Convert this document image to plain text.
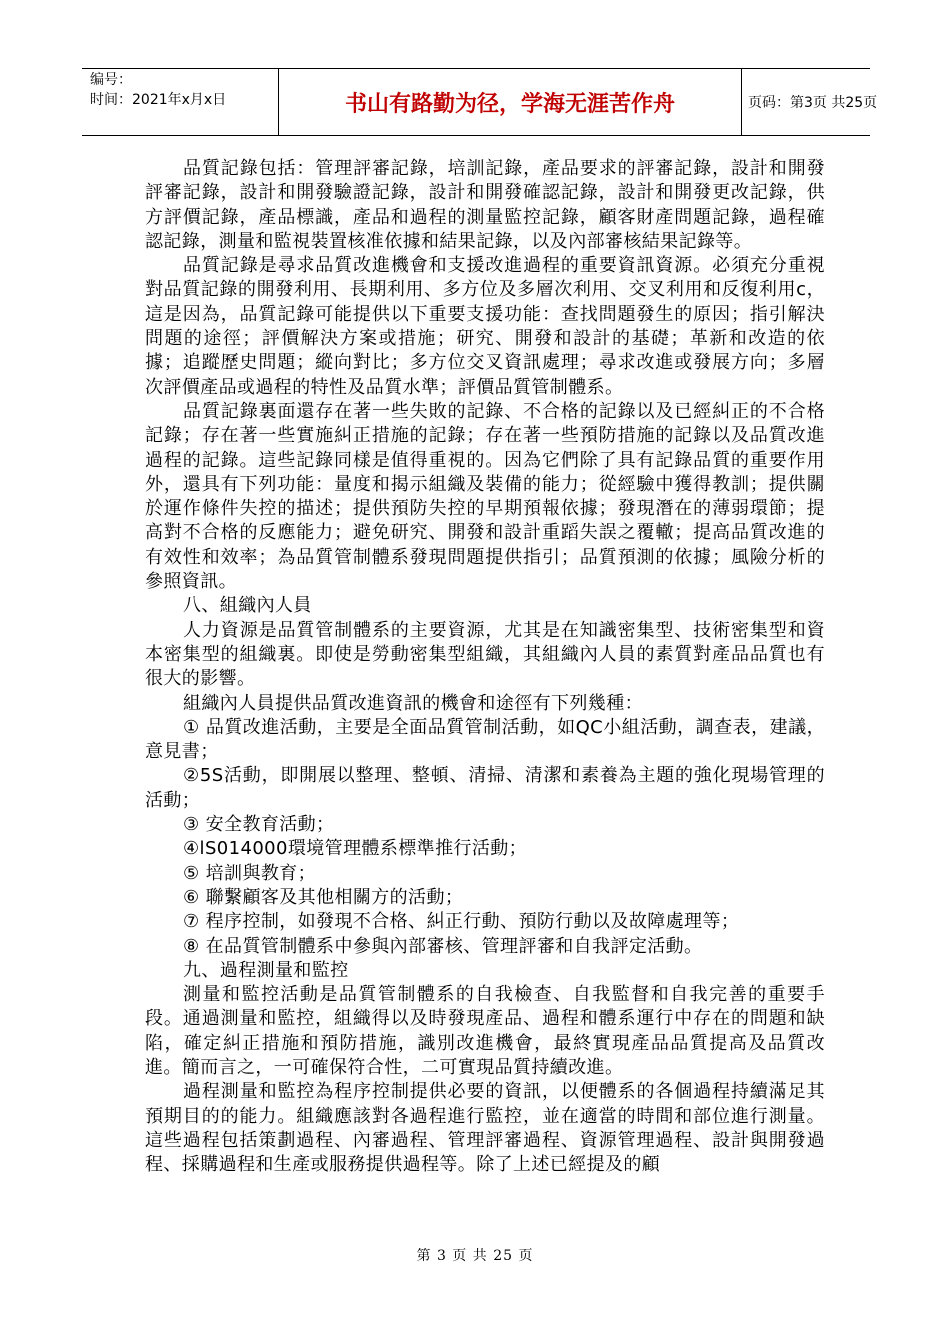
编号：
时间：2021年x月x日	书山有路勤为径，学海无涯苦作舟	页码：第3页 共25页

品質記錄包括：管理評審記錄，培訓記錄，產品要求的評審記錄，設計和開發評審記錄，設計和開發驗證記錄，設計和開發確認記錄，設計和開發更改記錄，供方評價記錄，產品標識，產品和過程的測量監控記錄，顧客財產問題記錄，過程確認記錄，測量和監視裝置核准依據和結果記錄，以及內部審核結果記錄等。

品質記錄是尋求品質改進機會和支援改進過程的重要資訊資源。必須充分重視對品質記錄的開發利用、長期利用、多方位及多層次利用、交叉利用和反復利用c，這是因為，品質記錄可能提供以下重要支援功能：查找問題發生的原因；指引解決問題的途徑；評價解決方案或措施；研究、開發和設計的基礎；革新和改造的依據；追蹤歷史問題；縱向對比；多方位交叉資訊處理；尋求改進或發展方向；多層次評價產品或過程的特性及品質水準；評價品質管制體系。

品質記錄裏面還存在著一些失敗的記錄、不合格的記錄以及已經糾正的不合格記錄；存在著一些實施糾正措施的記錄；存在著一些預防措施的記錄以及品質改進過程的記錄。這些記錄同樣是值得重視的。因為它們除了具有記錄品質的重要作用外，還具有下列功能：量度和揭示組織及裝備的能力；從經驗中獲得教訓；提供關於運作條件失控的描述；提供預防失控的早期預報依據；發現潛在的薄弱環節；提高對不合格的反應能力；避免研究、開發和設計重蹈失誤之覆轍；提高品質改進的有效性和效率；為品質管制體系發現問題提供指引；品質預測的依據；風險分析的參照資訊。

八、組織內人員

人力資源是品質管制體系的主要資源，尤其是在知識密集型、技術密集型和資本密集型的組織裏。即使是勞動密集型組織，其組織內人員的素質對產品品質也有很大的影響。

組織內人員提供品質改進資訊的機會和途徑有下列幾種：

① 品質改進活動，主要是全面品質管制活動，如QC小組活動，調查表，建議，意見書；

②5S活動，即開展以整理、整頓、清掃、清潔和素養為主題的強化現場管理的活動；

③ 安全教育活動；

④lS014000環境管理體系標準推行活動；

⑤ 培訓與教育；

⑥ 聯繫顧客及其他相關方的活動；

⑦ 程序控制，如發現不合格、糾正行動、預防行動以及故障處理等；

⑧ 在品質管制體系中參與內部審核、管理評審和自我評定活動。

九、過程測量和監控

測量和監控活動是品質管制體系的自我檢查、自我監督和自我完善的重要手段。通過測量和監控，組織得以及時發現產品、過程和體系運行中存在的問題和缺陷，確定糾正措施和預防措施，識別改進機會，最終實現產品品質提高及品質改進。簡而言之，一可確保符合性，二可實現品質持續改進。

過程測量和監控為程序控制提供必要的資訊，以便體系的各個過程持續滿足其預期目的的能力。組織應該對各過程進行監控，並在適當的時間和部位進行測量。這些過程包括策劃過程、內審過程、管理評審過程、資源管理過程、設計與開發過程、採購過程和生產或服務提供過程等。除了上述已經提及的顧

第 3 页 共 25 页
